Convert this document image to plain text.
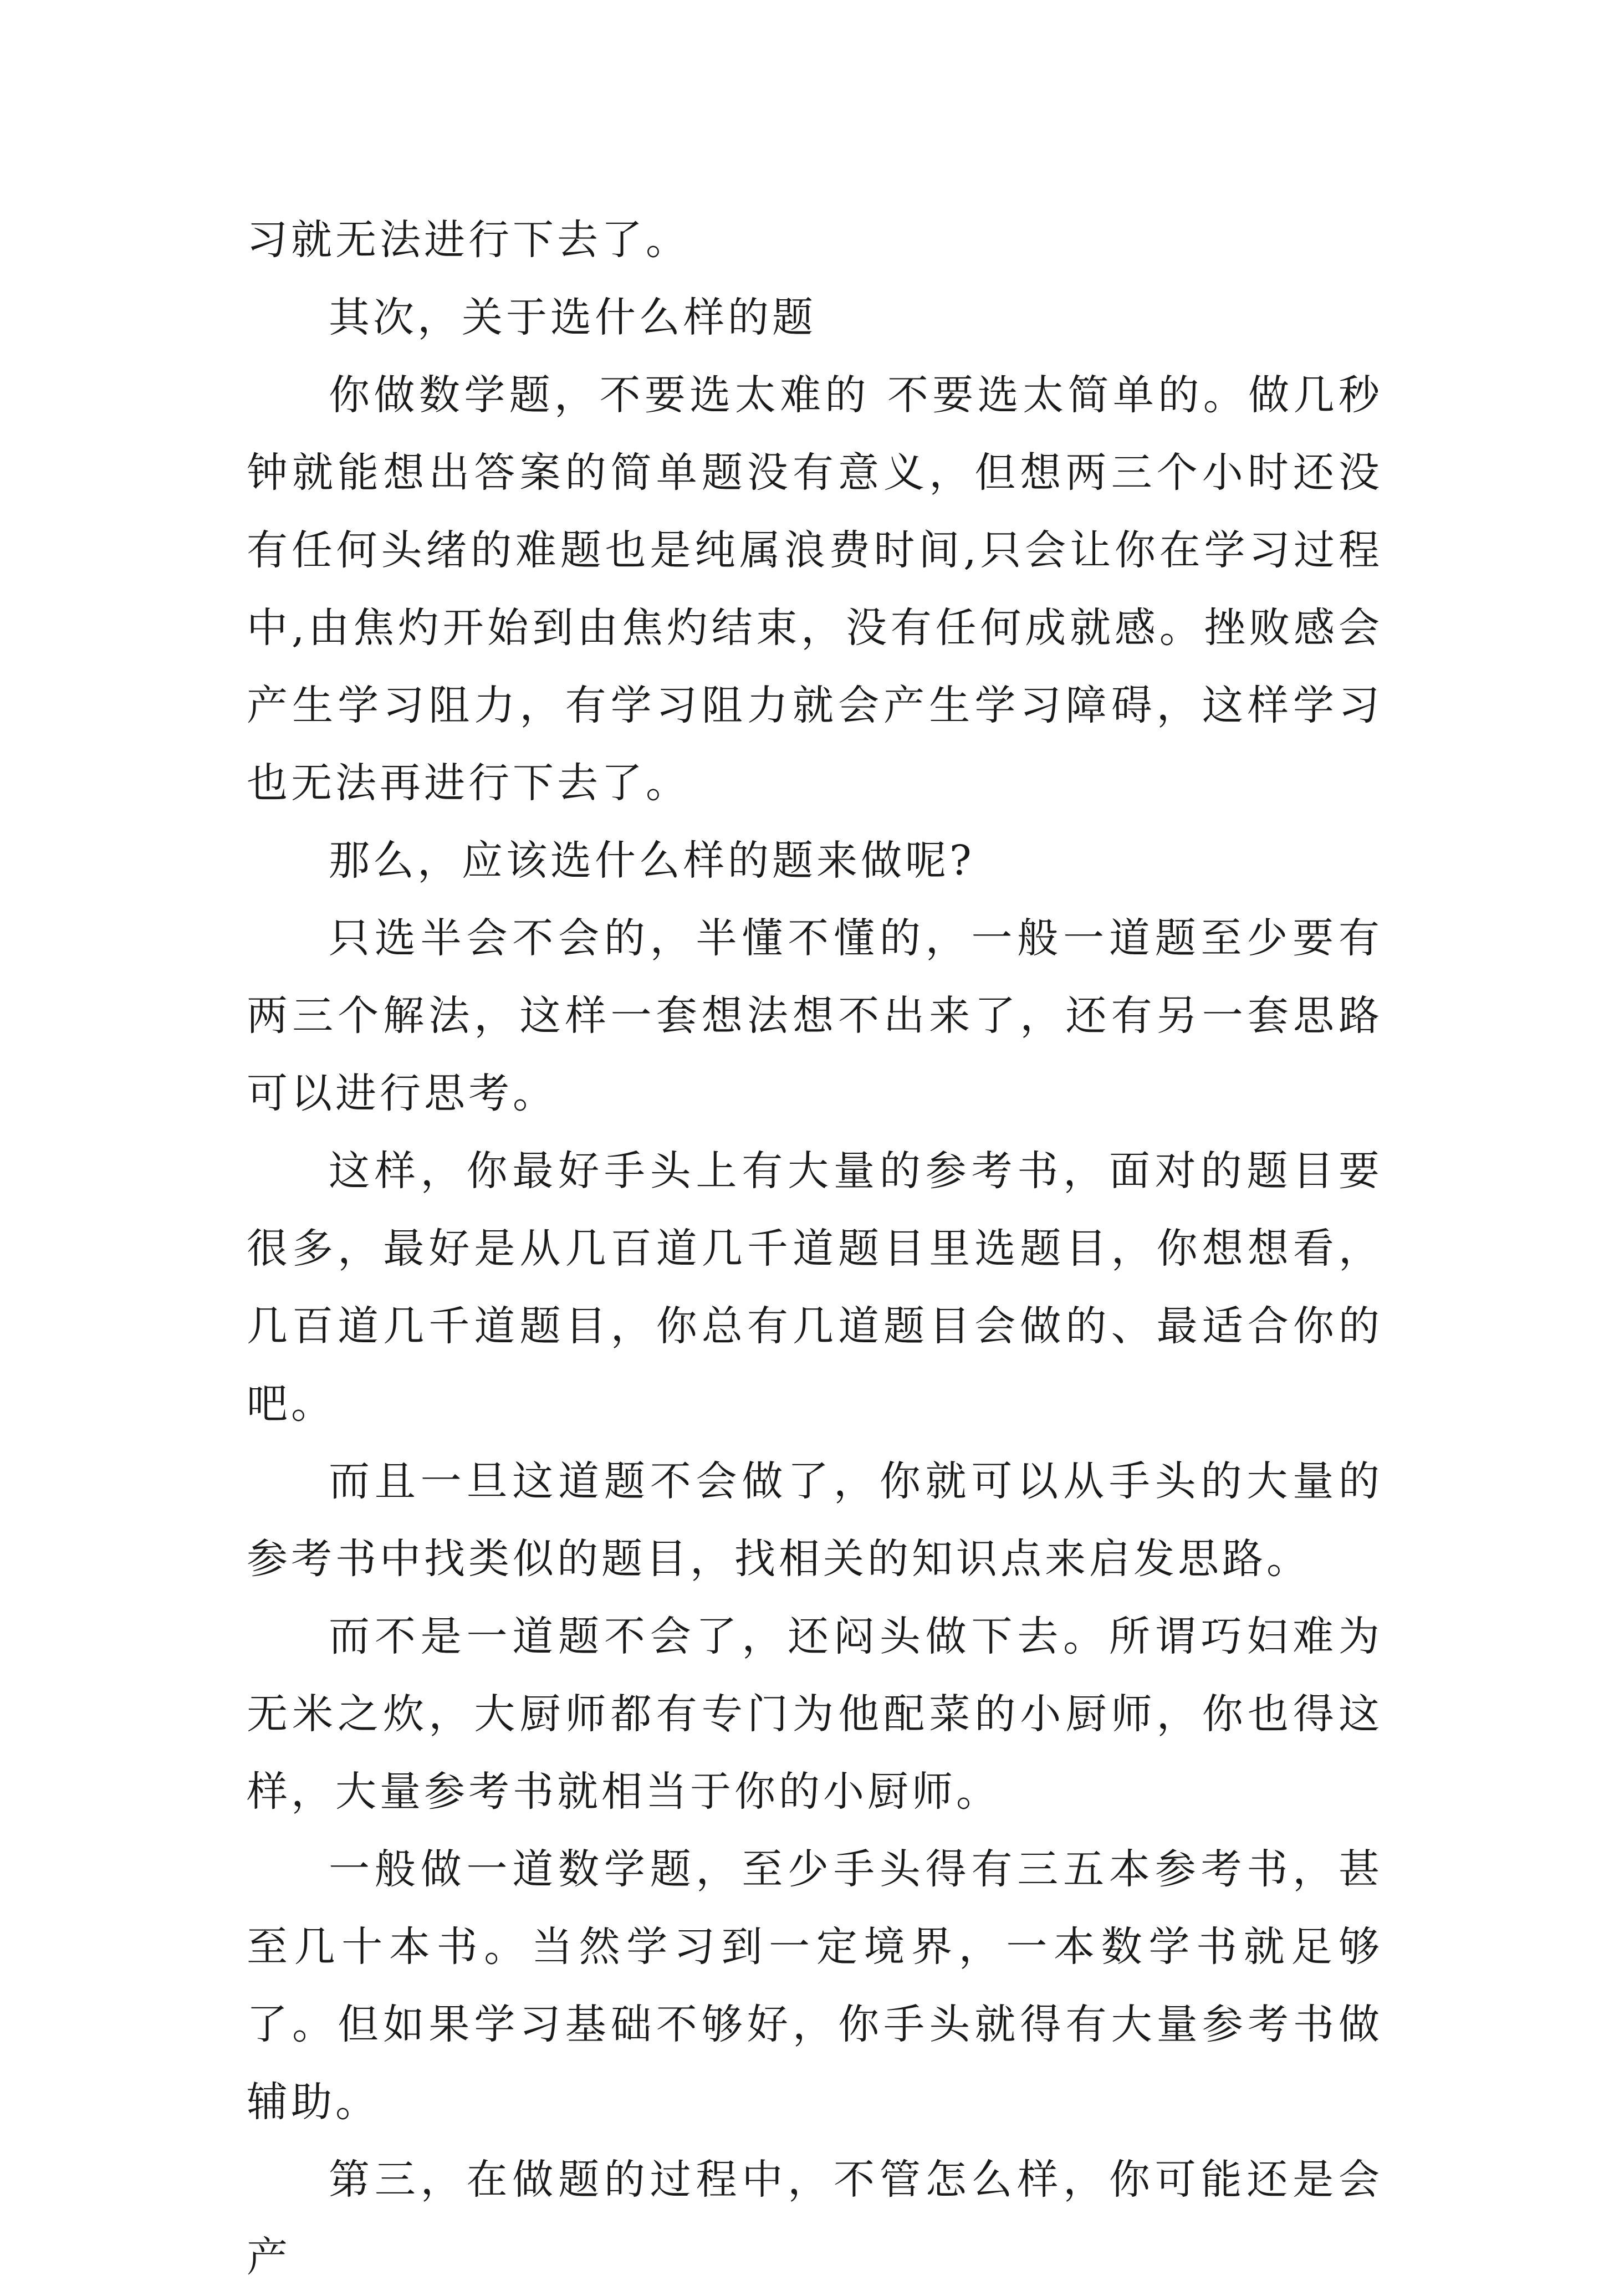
习就无法进行下去了。

其次，关于选什么样的题

你做数学题，不要选太难的 不要选太简单的。做几秒钟就能想出答案的简单题没有意义，但想两三个小时还没有任何头绪的难题也是纯属浪费时间,只会让你在学习过程中,由焦灼开始到由焦灼结束，没有任何成就感。挫败感会产生学习阻力，有学习阻力就会产生学习障碍，这样学习也无法再进行下去了。

那么，应该选什么样的题来做呢?

只选半会不会的，半懂不懂的，一般一道题至少要有两三个解法，这样一套想法想不出来了，还有另一套思路可以进行思考。

这样，你最好手头上有大量的参考书，面对的题目要很多，最好是从几百道几千道题目里选题目，你想想看，几百道几千道题目，你总有几道题目会做的、最适合你的吧。

而且一旦这道题不会做了，你就可以从手头的大量的参考书中找类似的题目，找相关的知识点来启发思路。

而不是一道题不会了，还闷头做下去。所谓巧妇难为无米之炊，大厨师都有专门为他配菜的小厨师，你也得这样，大量参考书就相当于你的小厨师。

一般做一道数学题，至少手头得有三五本参考书，甚至几十本书。当然学习到一定境界，一本数学书就足够了。但如果学习基础不够好，你手头就得有大量参考书做辅助。

第三，在做题的过程中，不管怎么样，你可能还是会产
